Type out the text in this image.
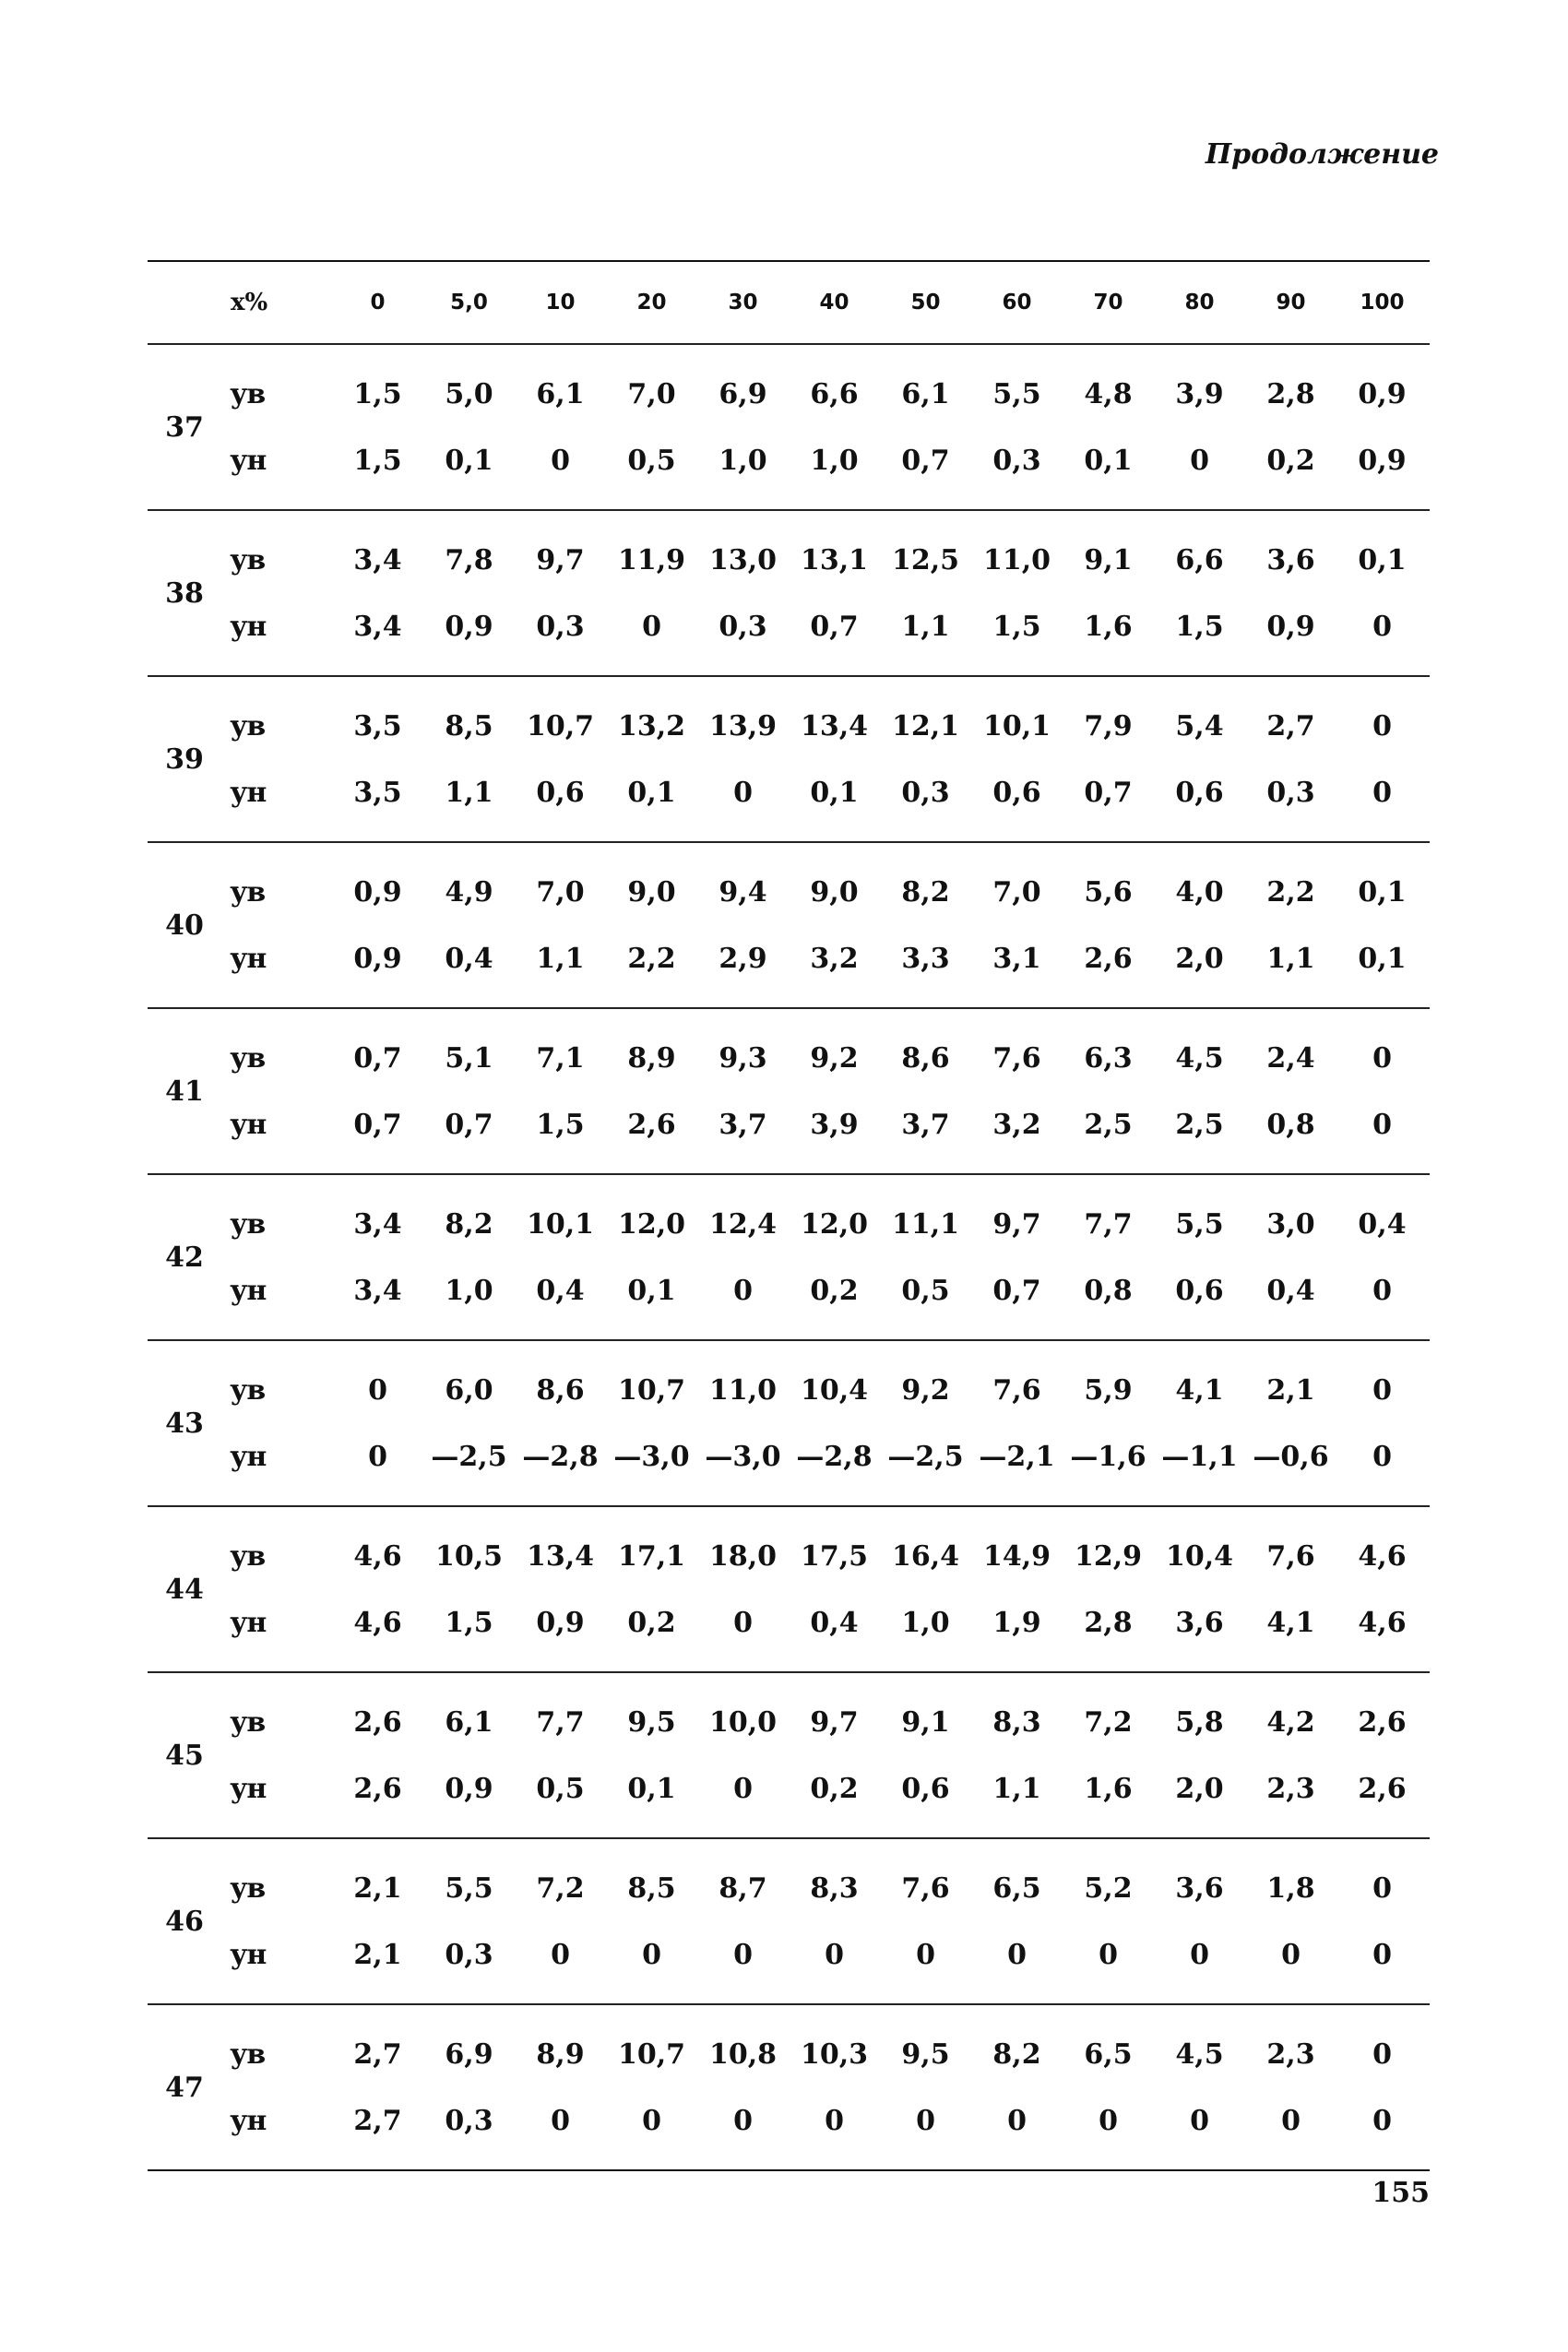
Продолжение
x%	0	5,0	10	20	30	40	50	60	70	80	90	100
37
yв	1,5	5,0	6,1	7,0	6,9	6,6	6,1	5,5	4,8	3,9	2,8	0,9
yн	1,5	0,1	0	0,5	1,0	1,0	0,7	0,3	0,1	0	0,2	0,9
38
yв	3,4	7,8	9,7	11,9 13,0 13,1 12,5 11,0	9,1	6,6	3,6	0,1
yн	3,4	0,9	0,3	0	0,3	0,7	1,1	1,5	1,6	1,5	0,9	0
39
yв	3,5	8,5	10,7 13,2 13,9 13,4 12,1 10,1	7,9	5,4	2,7	0
yн	3,5	1,1	0,6	0,1	0	0,1	0,3	0,6	0,7	0,6	0,3	0
40
yв	0,9	4,9	7,0	9,0	9,4	9,0	8,2	7,0	5,6	4,0	2,2	0,1
yн	0,9	0,4	1,1	2,2	2,9	3,2	3,3	3,1	2,6	2,0	1,1	0,1
41
yв	0,7	5,1	7,1	8,9	9,3	9,2	8,6	7,6	6,3	4,5	2,4	0
yн	0,7	0,7	1,5	2,6	3,7	3,9	3,7	3,2	2,5	2,5	0,8	0
42
yв	3,4	8,2	10,1 12,0 12,4 12,0 11,1	9,7	7,7	5,5	3,0	0,4
yн	3,4	1,0	0,4	0,1	0	0,2	0,5	0,7	0,8	0,6	0,4	0
43
yв	0	6,0	8,6	10,7 11,0 10,4	9,2	7,6	5,9	4,1	2,1	0
yн	0	—2,5 —2,8 —3,0 —3,0 —2,8 —2,5 —2,1 —1,6 —1,1 —0,6	0
44
yв	4,6	10,5 13,4 17,1 18,0 17,5 16,4 14,9 12,9 10,4	7,6	4,6
yн	4,6	1,5	0,9	0,2	0	0,4	1,0	1,9	2,8	3,6	4,1	4,6
45
yв	2,6	6,1	7,7	9,5	10,0	9,7	9,1	8,3	7,2	5,8	4,2	2,6
yн	2,6	0,9	0,5	0,1	0	0,2	0,6	1,1	1,6	2,0	2,3	2,6
46
yв	2,1	5,5	7,2	8,5	8,7	8,3	7,6	6,5	5,2	3,6	1,8	0
yн	2,1	0,3	0	0	0	0	0	0	0	0	0	0
47
yв	2,7	6,9	8,9	10,7 10,8 10,3	9,5	8,2	6,5	4,5	2,3	0
yн	2,7	0,3	0	0	0	0	0	0	0	0	0	0
155
